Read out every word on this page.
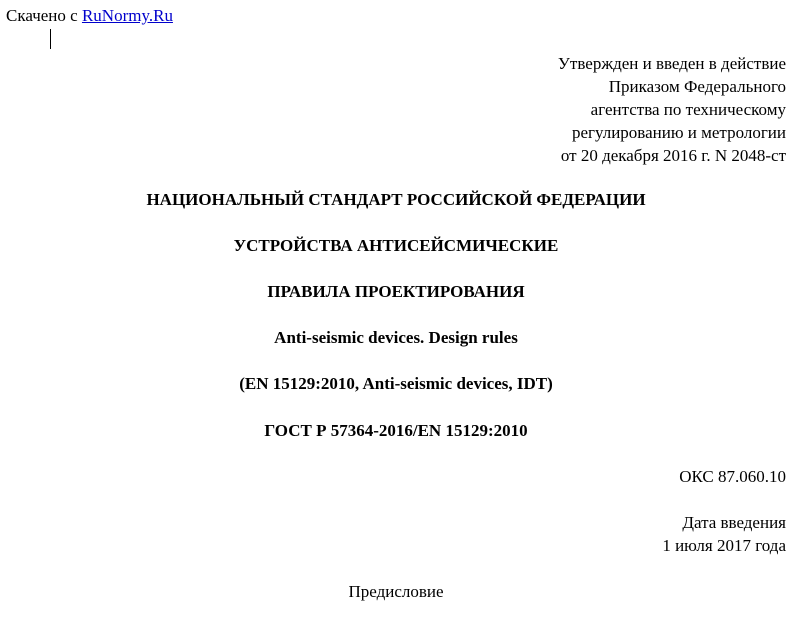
Скачено с RuNormy.Ru
Утвержден и введен в действие
Приказом Федерального
агентства по техническому
регулированию и метрологии
от 20 декабря 2016 г. N 2048-ст
НАЦИОНАЛЬНЫЙ СТАНДАРТ РОССИЙСКОЙ ФЕДЕРАЦИИ
УСТРОЙСТВА АНТИСЕЙСМИЧЕСКИЕ
ПРАВИЛА ПРОЕКТИРОВАНИЯ
Anti-seismic devices. Design rules
(EN 15129:2010, Anti-seismic devices, IDT)
ГОСТ Р 57364-2016/EN 15129:2010
ОКС 87.060.10
Дата введения
1 июля 2017 года
Предисловие
